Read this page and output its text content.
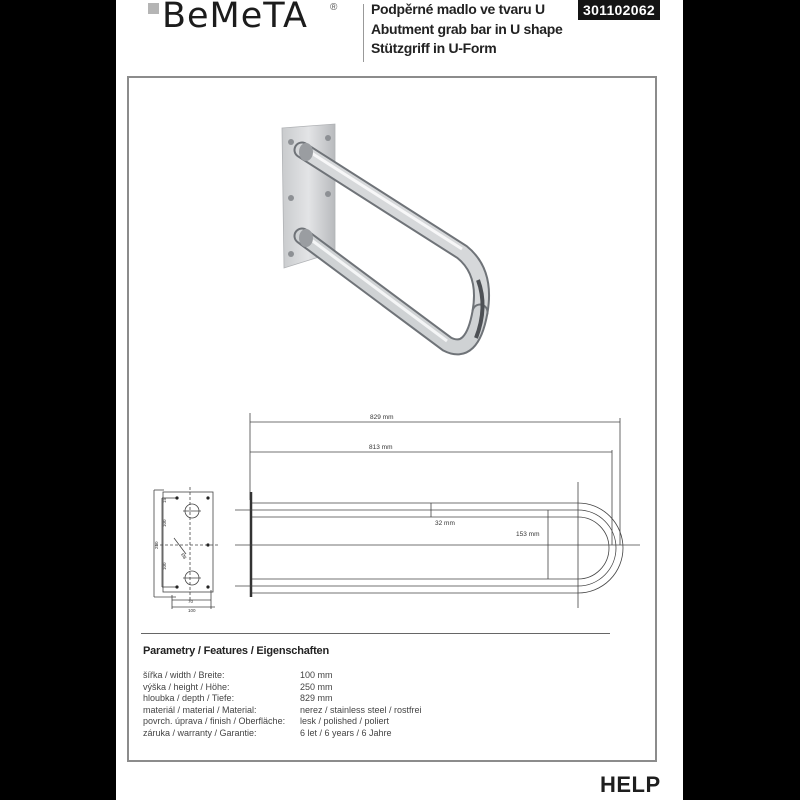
BeMeTA ® Podpěrné madlo ve tvaru U
Abutment grab bar in U shape
Stützgriff in U-Form
301102062
829 mm
813 mm
32 mm
153 mm
15
100
100
250
70
100
Ø8
Parametry / Features / Eigenschaften
šířka / width / Breite:	100 mm
výška / height / Höhe:	250 mm
hloubka / depth / Tiefe:	829 mm
materiál / material / Material:	nerez / stainless steel / rostfrei
povrch. úprava / finish / Oberfläche:	lesk / polished / poliert
záruka / warranty / Garantie:	6 let / 6 years / 6 Jahre
HELP
